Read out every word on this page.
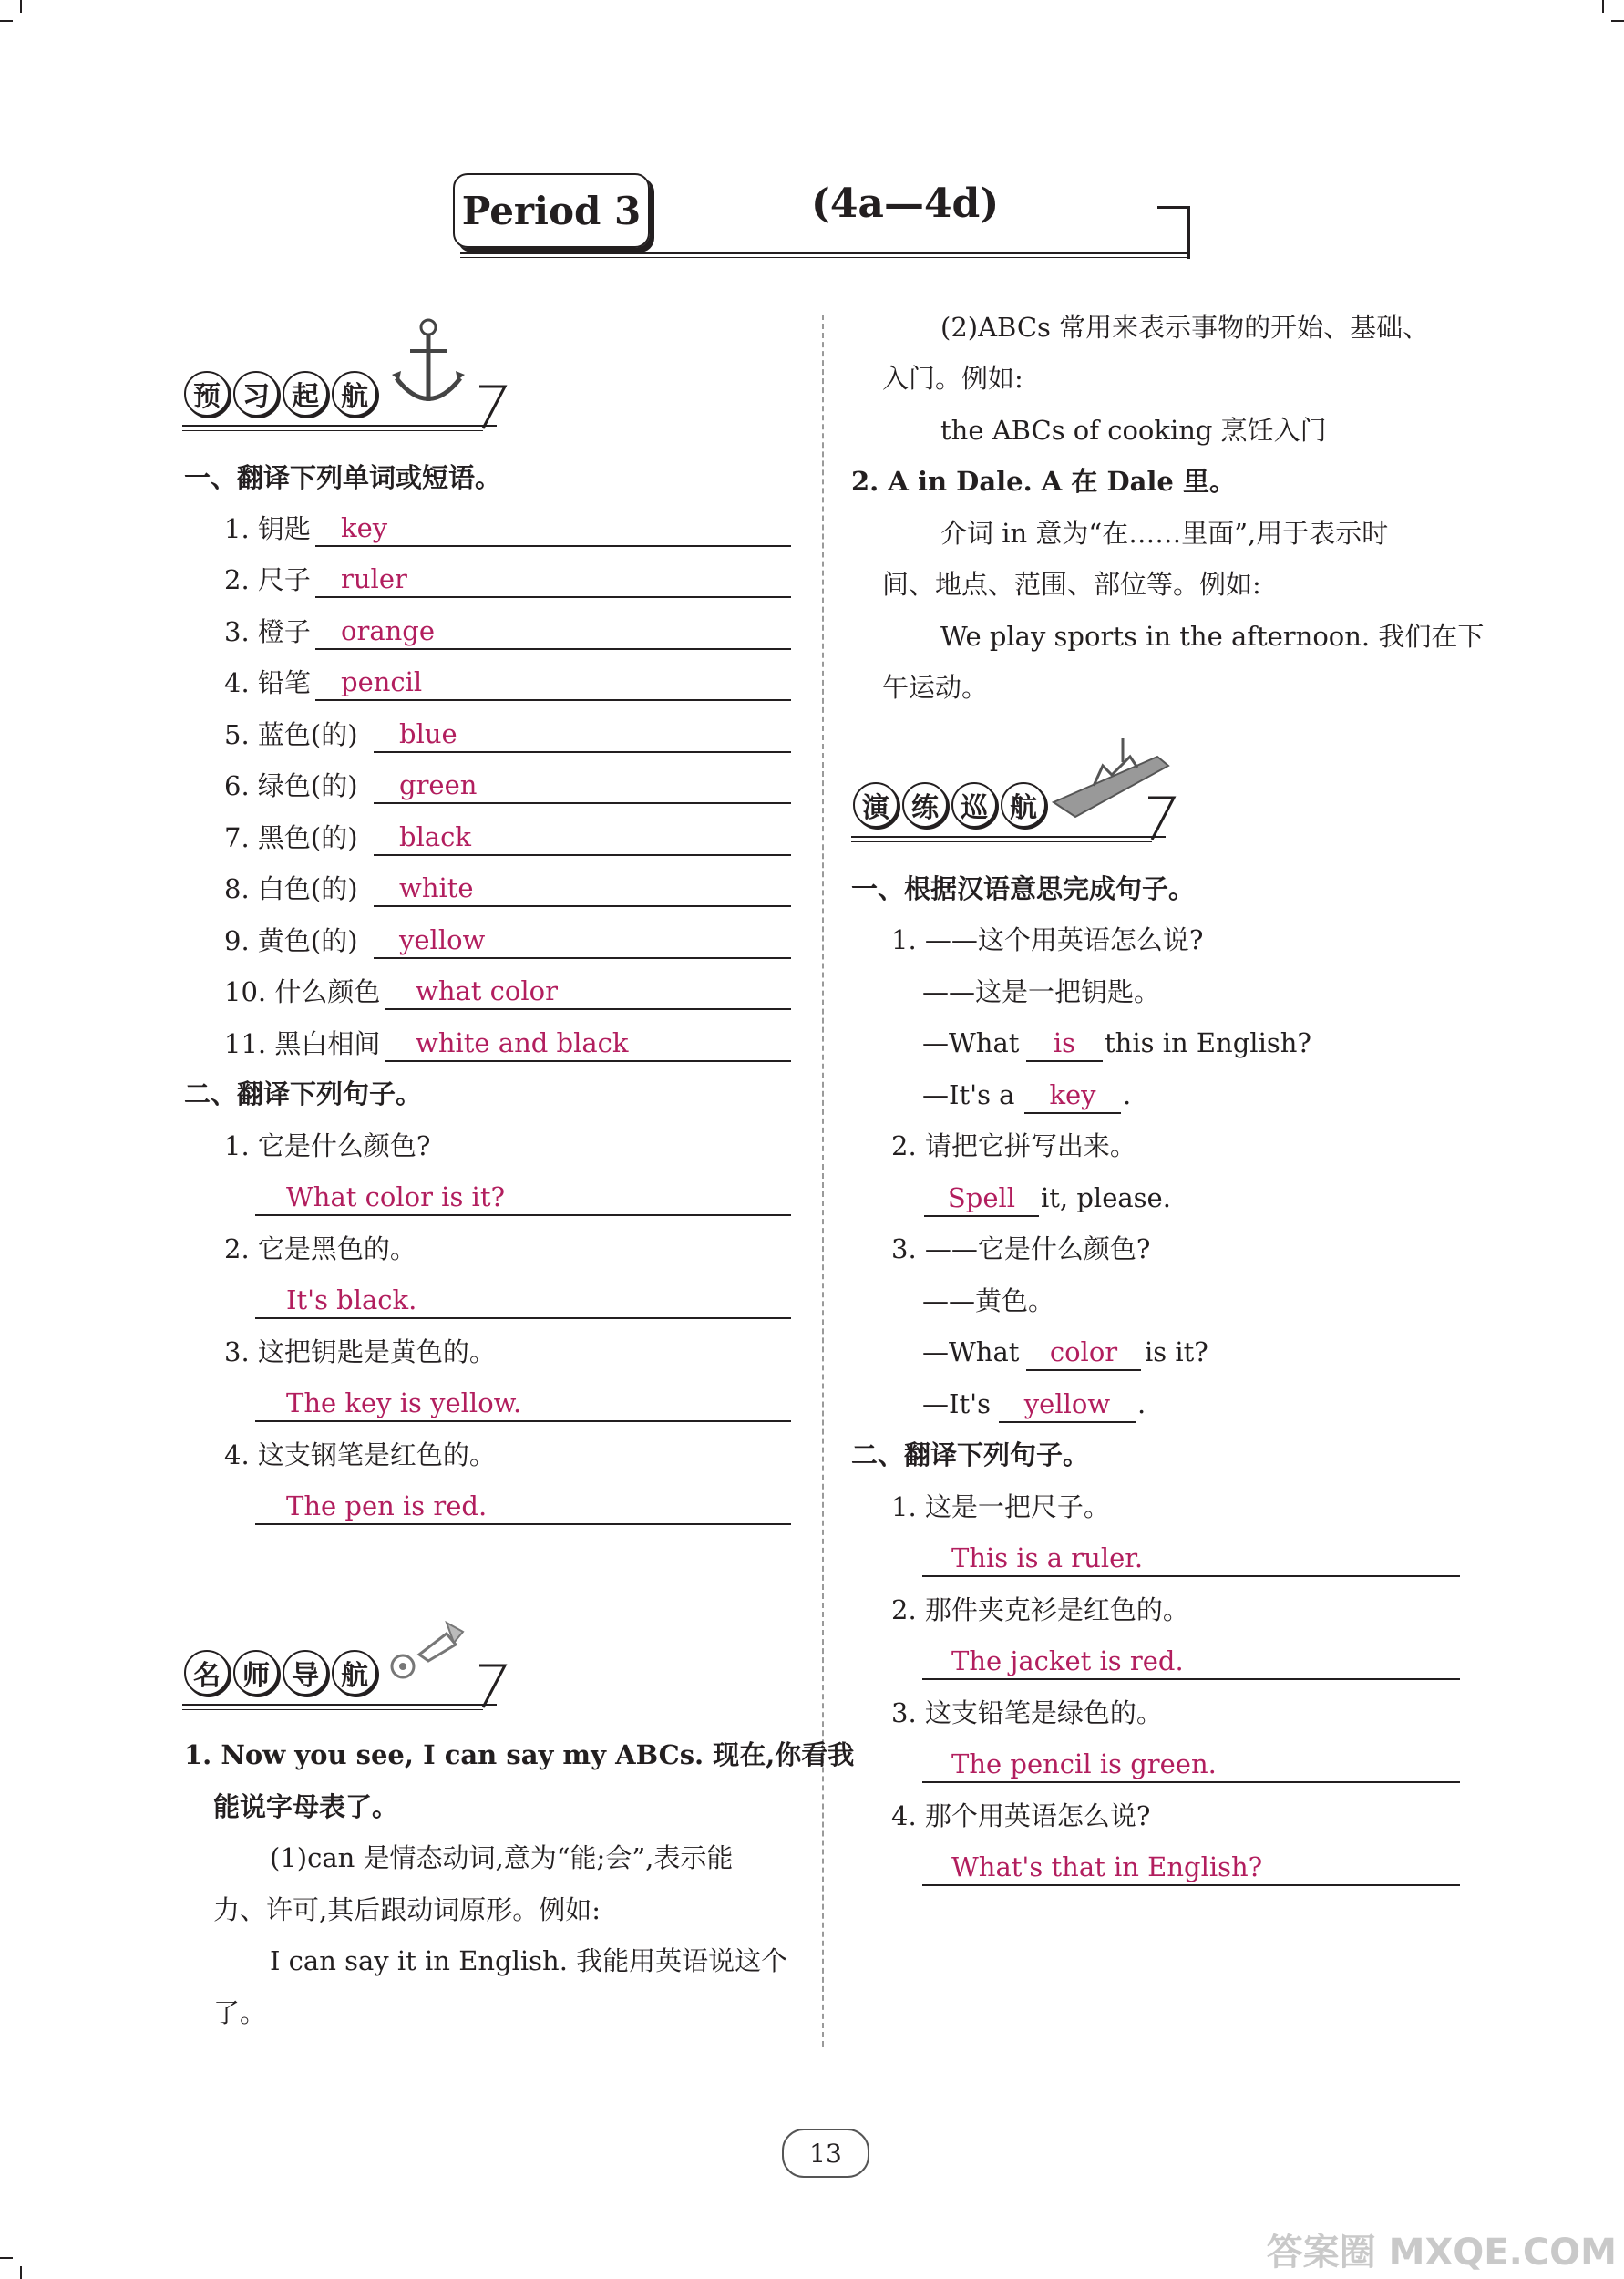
Period 3	(4a—4d)
预 习 起 航
一、翻译下列单词或短语。
1. 钥匙	key
2. 尺子	ruler
3. 橙子	orange
4. 铅笔	pencil
5. 蓝色(的)	blue
6. 绿色(的)	green
7. 黑色(的)	black
8. 白色(的)	white
9. 黄色(的)	yellow
10. 什么颜色	what color
11. 黑白相间	white and black
二、翻译下列句子。
1. 它是什么颜色?
What color is it?
2. 它是黑色的。
It's black.
3. 这把钥匙是黄色的。
The key is yellow.
4. 这支钢笔是红色的。
The pen is red.
名 师 导 航
1. Now you see, I can say my ABCs. 现在,你看我
能说字母表了。
(1)can 是情态动词,意为“能;会”,表示能
力、许可,其后跟动词原形。例如:
I can say it in English. 我能用英语说这个
了。
(2)ABCs 常用来表示事物的开始、基础、
入门。例如:
the ABCs of cooking 烹饪入门
2. A in Dale. A 在 Dale 里。
介词 in 意为“在……里面”,用于表示时
间、地点、范围、部位等。例如:
We play sports in the afternoon. 我们在下
午运动。
演 练 巡 航
一、根据汉语意思完成句子。
1. ——这个用英语怎么说?
——这是一把钥匙。
—What	is	this in English?
—It's a	key	.
2. 请把它拼写出来。
Spell it, please.
3. ——它是什么颜色?
——黄色。
—What	color	is it?
—It's	yellow	.
二、翻译下列句子。
1. 这是一把尺子。
This is a ruler.
2. 那件夹克衫是红色的。
The jacket is red.
3. 这支铅笔是绿色的。
The pencil is green.
4. 那个用英语怎么说?
What's that in English?
13
答案圈 MXQE.COM
